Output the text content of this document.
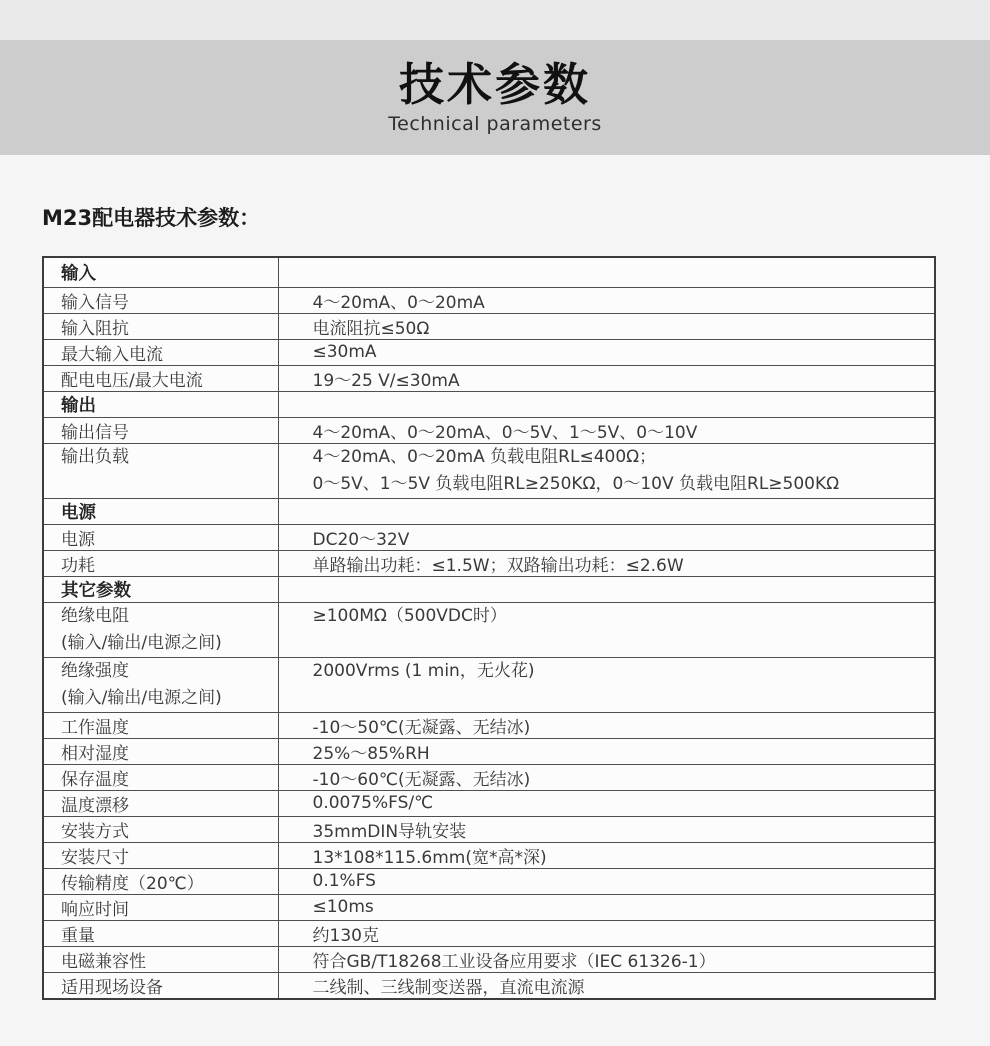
技术参数
Technical parameters
M23配电器技术参数：
输入	
输入信号	4～20mA、0～20mA
输入阻抗	电流阻抗≤50Ω
最大输入电流	≤30mA
配电电压/最大电流	19～25 V/≤30mA
输出	
输出信号	4～20mA、0～20mA、0～5V、1～5V、0～10V

输出负载	4～20mA、0～20mA 负载电阻RL≤400Ω；
0～5V、1～5V 负载电阻RL≥250KΩ，0～10V 负载电阻RL≥500KΩ

电源	
电源	DC20～32V
功耗	单路输出功耗：≤1.5W；双路输出功耗：≤2.6W
其它参数	

绝缘电阻
(输入/输出/电源之间)	≥100MΩ（500VDC时）

绝缘强度
(输入/输出/电源之间)	2000Vrms (1 min，无火花)

工作温度	-10～50℃(无凝露、无结冰)
相对湿度	25%～85%RH
保存温度	-10～60℃(无凝露、无结冰)
温度漂移	0.0075%FS/℃
安装方式	35mmDIN导轨安装
安装尺寸	13*108*115.6mm(宽*高*深)
传输精度（20℃）	0.1%FS
响应时间	≤10ms
重量	约130克
电磁兼容性	符合GB/T18268工业设备应用要求（IEC 61326-1）
适用现场设备	二线制、三线制变送器，直流电流源
